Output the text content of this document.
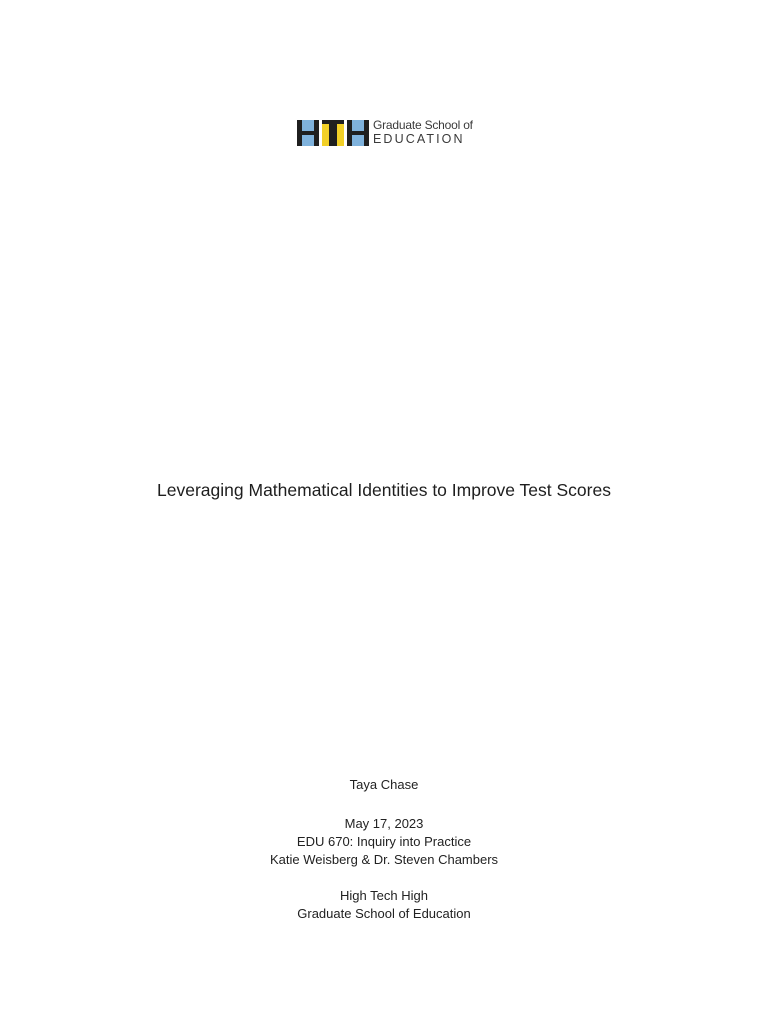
Graduate School of
EDUCATION
Leveraging Mathematical Identities to Improve Test Scores
Taya Chase
May 17, 2023
EDU 670: Inquiry into Practice
Katie Weisberg & Dr. Steven Chambers
High Tech High
Graduate School of Education
